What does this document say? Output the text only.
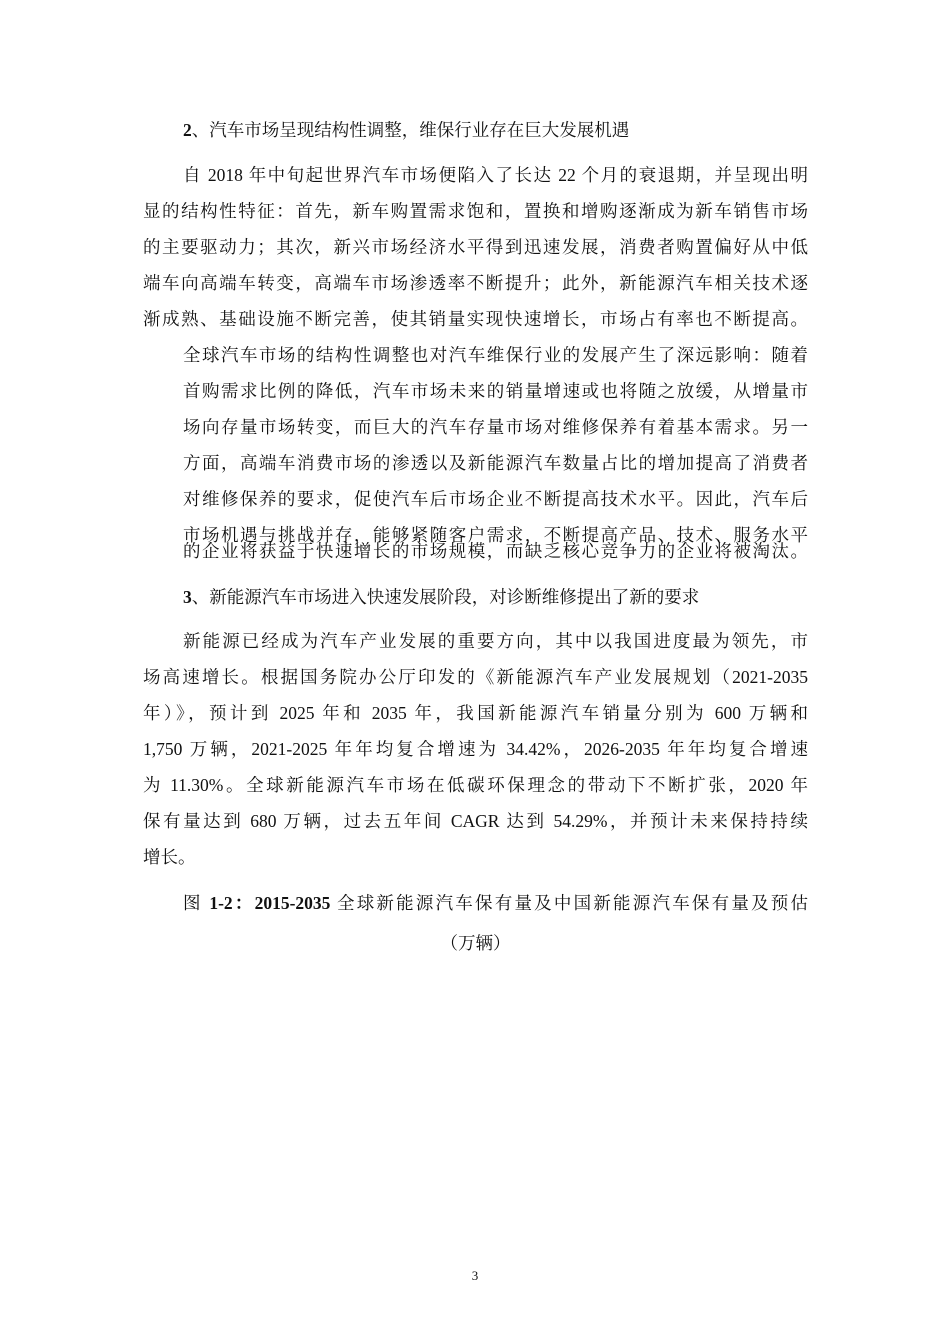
2、汽车市场呈现结构性调整，维保行业存在巨大发展机遇
自 2018 年中旬起世界汽车市场便陷入了长达 22 个月的衰退期，并呈现出明
显的结构性特征：首先，新车购置需求饱和，置换和增购逐渐成为新车销售市场
的主要驱动力；其次，新兴市场经济水平得到迅速发展，消费者购置偏好从中低
端车向高端车转变，高端车市场渗透率不断提升；此外，新能源汽车相关技术逐
渐成熟、基础设施不断完善，使其销量实现快速增长，市场占有率也不断提高。
全球汽车市场的结构性调整也对汽车维保行业的发展产生了深远影响：随着
首购需求比例的降低，汽车市场未来的销量增速或也将随之放缓，从增量市
场向存量市场转变，而巨大的汽车存量市场对维修保养有着基本需求。另一
方面，高端车消费市场的渗透以及新能源汽车数量占比的增加提高了消费者
对维修保养的要求，促使汽车后市场企业不断提高技术水平。因此，汽车后
市场机遇与挑战并存，能够紧随客户需求，不断提高产品、技术、服务水平
的企业将获益于快速增长的市场规模，而缺乏核心竞争力的企业将被淘汰。
3、新能源汽车市场进入快速发展阶段，对诊断维修提出了新的要求
新能源已经成为汽车产业发展的重要方向，其中以我国进度最为领先，市
场高速增长。根据国务院办公厅印发的《新能源汽车产业发展规划（2021-2035
年）》，预计到 2025 年和 2035 年，我国新能源汽车销量分别为 600 万辆和
1,750 万辆，2021-2025 年年均复合增速为 34.42%，2026-2035 年年均复合增速
为 11.30%。全球新能源汽车市场在低碳环保理念的带动下不断扩张，2020 年
保有量达到 680 万辆，过去五年间 CAGR 达到 54.29%，并预计未来保持持续
增长。
图 1-2：2015-2035 全球新能源汽车保有量及中国新能源汽车保有量及预估
（万辆）
3
